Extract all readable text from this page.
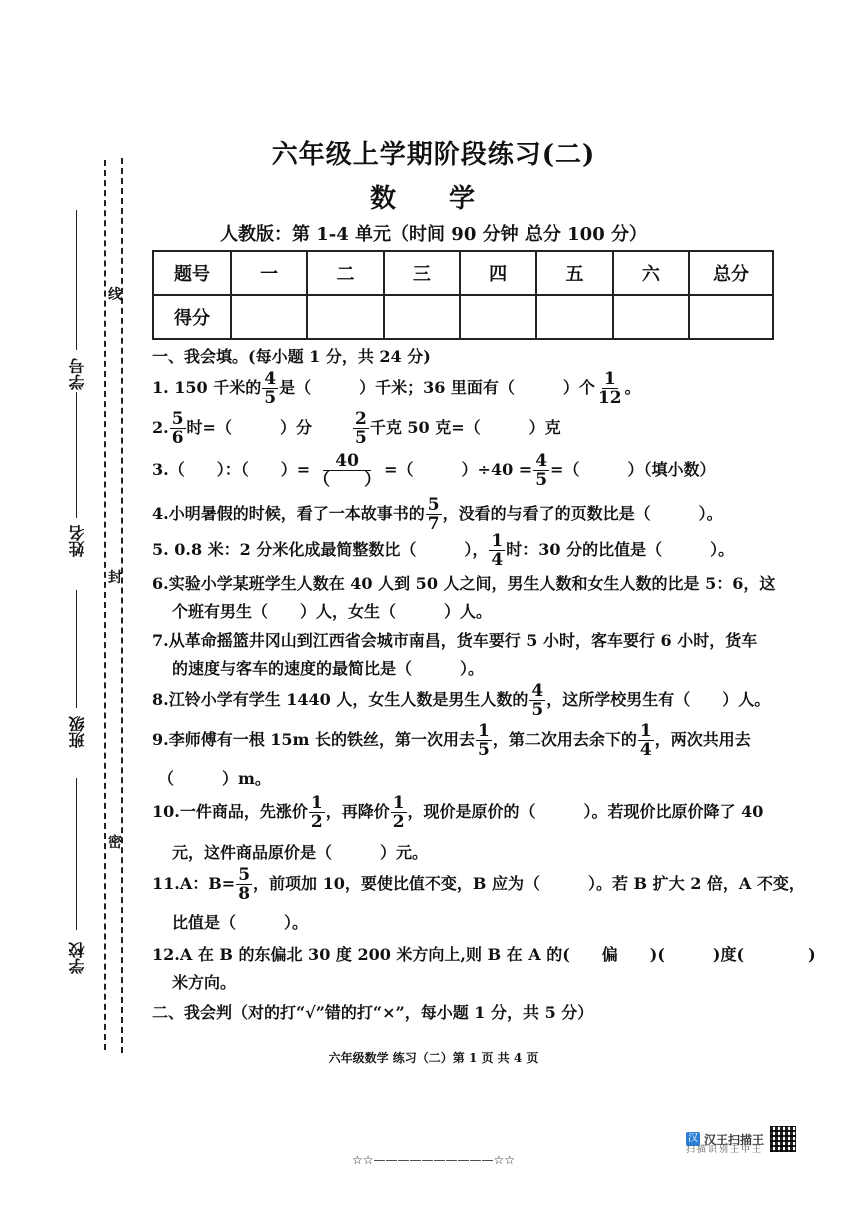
学号
姓名
班级
学校
线
封
密
六年级上学期阶段练习(二)
数 学
人教版：第 1-4 单元（时间 90 分钟 总分 100 分）
题号	一	二	三	四	五	六	总分
得分							
一、我会填。(每小题 1 分，共 24 分)
1. 150 千米的 $\frac{4}{5}$ 是（　　　）千米；36 里面有（　　　）个 $\frac{1}{12}$ 。
2. $\frac{5}{6}$ 时=（　　　）分 $\frac{2}{5}$ 千克 50 克=（　　　）克
3.（　　）：（　　）= $\frac{40}{( )}$ =（　　　）$\div 40 = \frac{4}{5}$ =（　　　）（填小数）
4.小明暑假的时候，看了一本故事书的 $\frac{5}{7}$ ，没看的与看了的页数比是（　　　）。
5. 0.8 米：2 分米化成最简整数比（　　　）， $\frac{1}{4}$ 时：30 分的比值是（　　　）。
6.实验小学某班学生人数在 40 人到 50 人之间，男生人数和女生人数的比是 5：6，这
个班有男生（　　）人，女生（　　　）人。
7.从革命摇篮井冈山到江西省会城市南昌，货车要行 5 小时，客车要行 6 小时，货车
的速度与客车的速度的最简比是（　　　）。
8.江铃小学有学生 1440 人，女生人数是男生人数的 $\frac{4}{5}$ ，这所学校男生有（　　）人。
9.李师傅有一根 15m 长的铁丝，第一次用去 $\frac{1}{5}$ ，第二次用去余下的 $\frac{1}{4}$ ，两次共用去
（　　　）m。
10.一件商品，先涨价 $\frac{1}{2}$ ，再降价 $\frac{1}{2}$ ，现价是原价的（　　　）。若现价比原价降了 40
元，这件商品原价是（　　　）元。
11.A：$B= \frac{5}{8}$ ，前项加 10，要使比值不变，B 应为（　　　）。若 B 扩大 2 倍，A 不变，
比值是（　　　）。
12.A 在 B 的东偏北 30 度 200 米方向上,则 B 在 A 的(　　偏　　)(　　　)度(　　　　)
米方向。
二、我会判（对的打“√”错的打“×”，每小题 1 分，共 5 分）
六年级数学 练习（二）第 1 页 共 4 页
☆☆——————————☆☆
汉 汉王扫描王
扫描识别王中王
